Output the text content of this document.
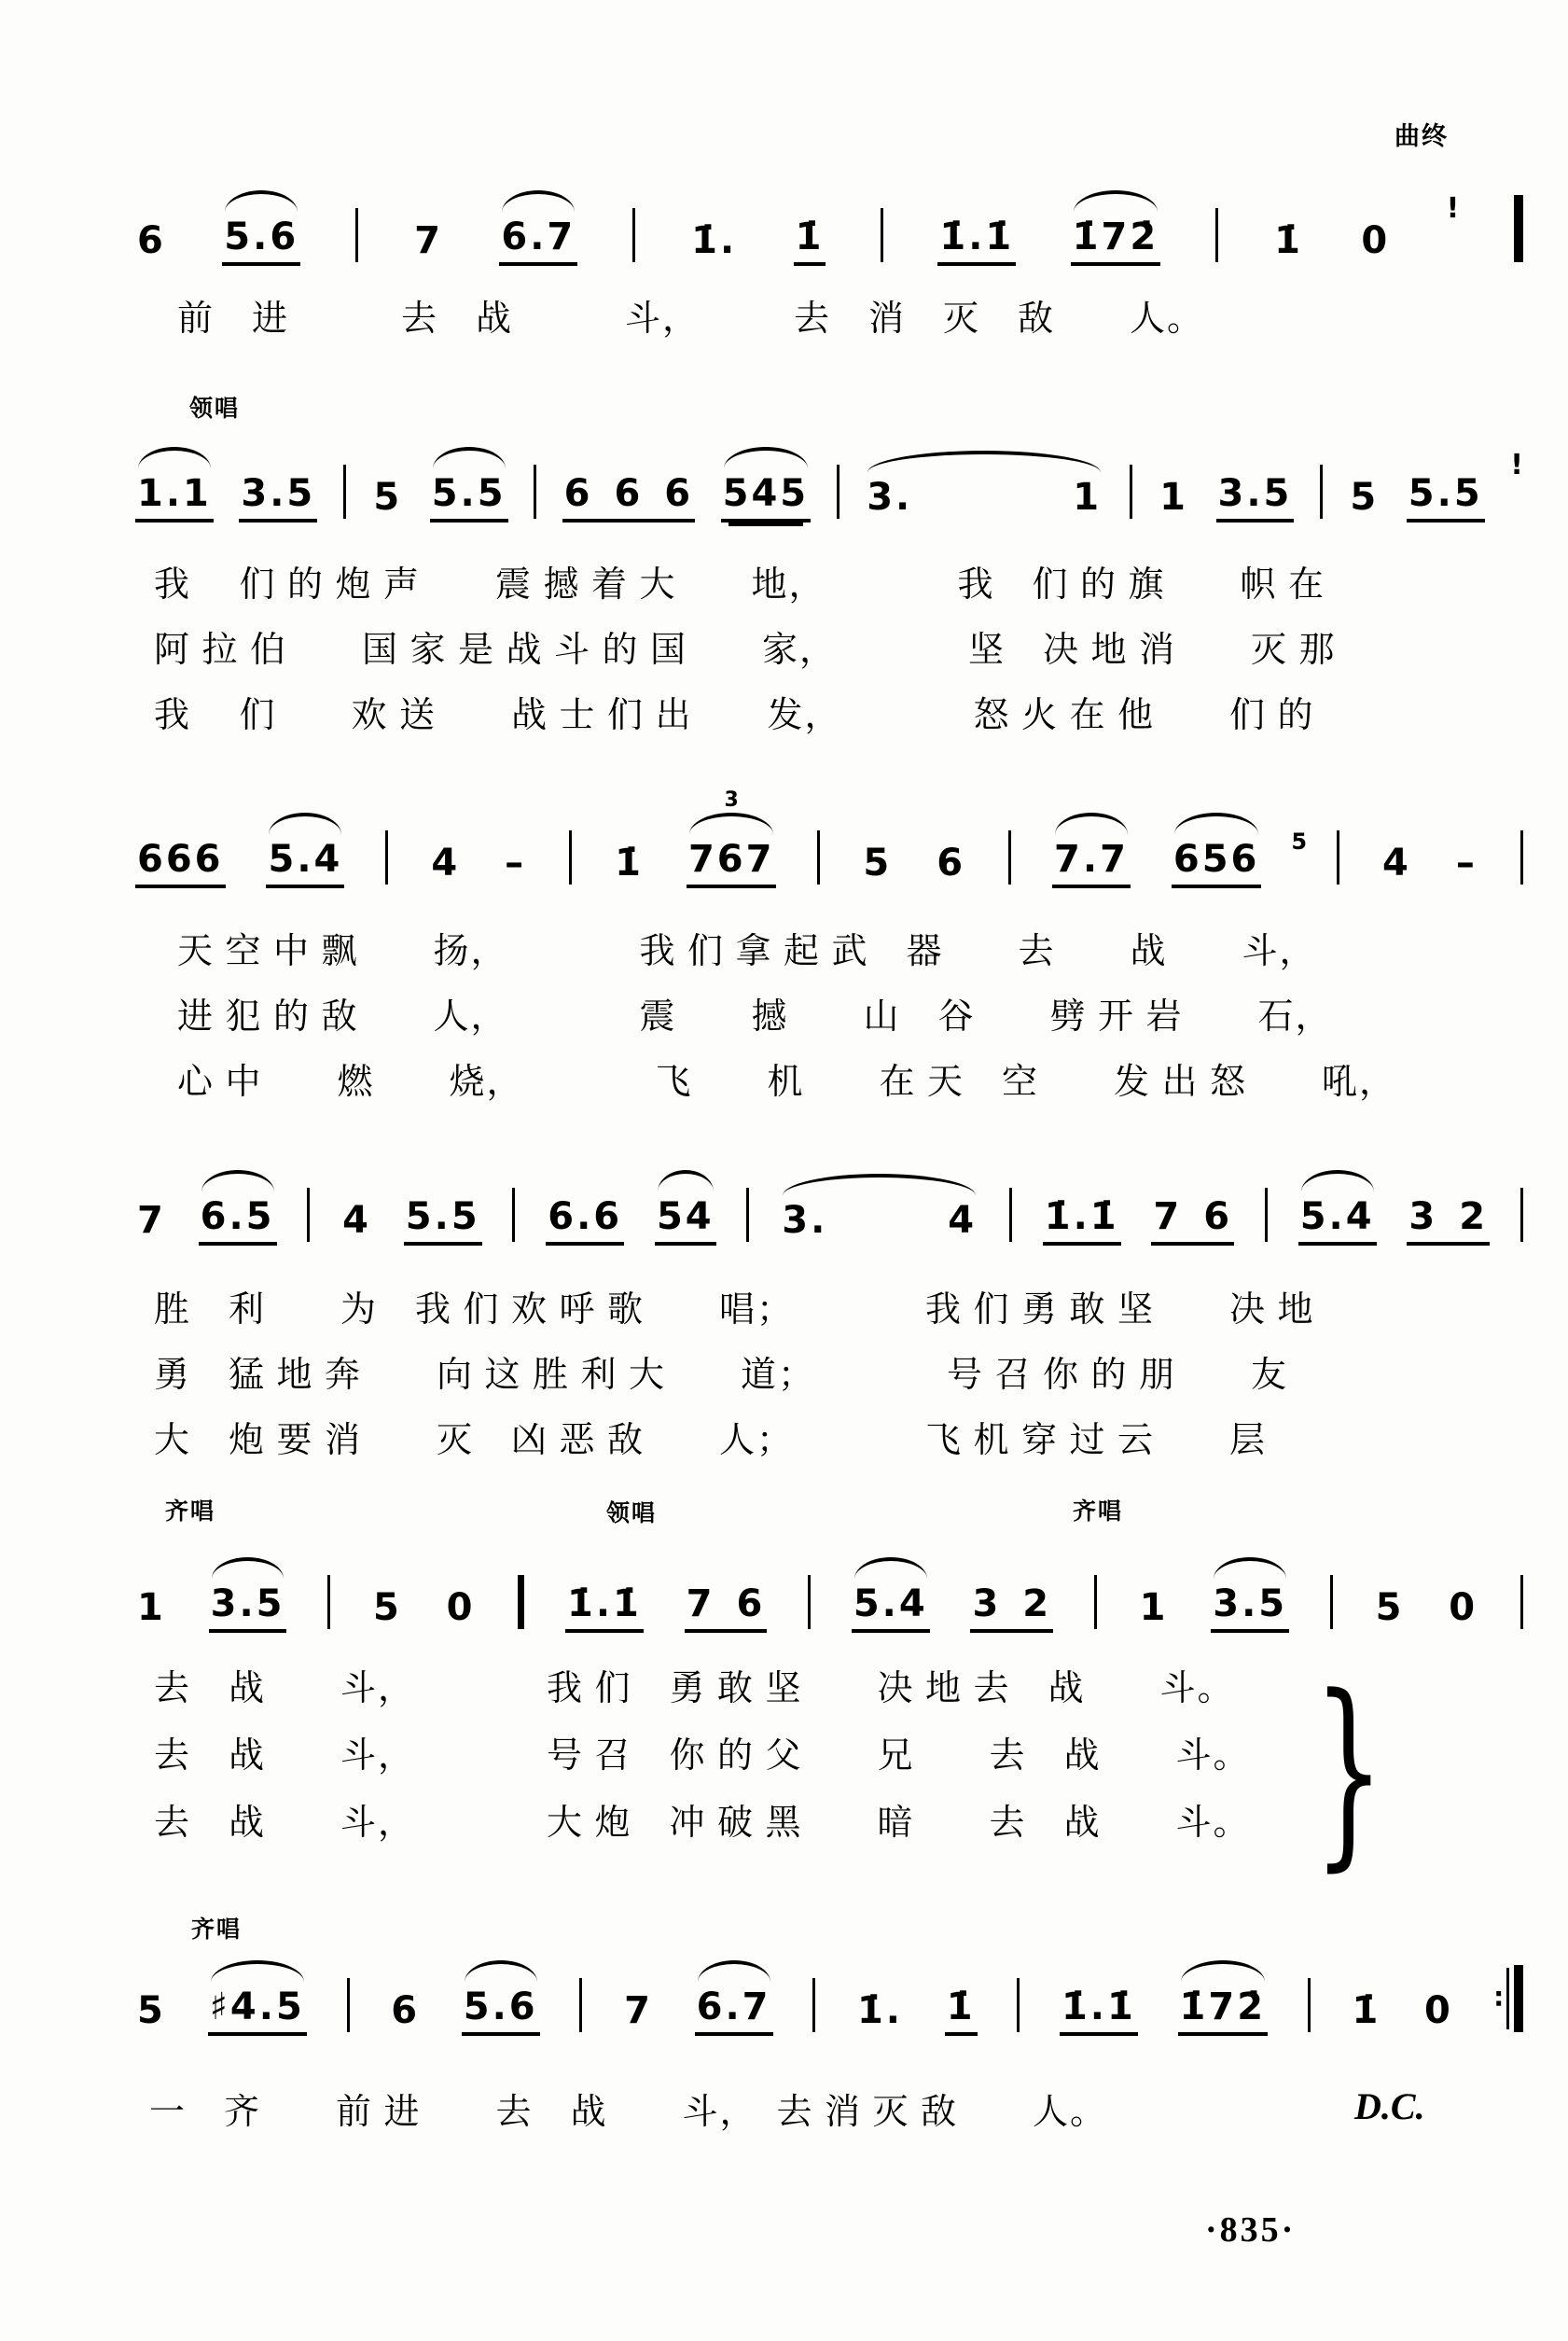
曲终
6 5.6	7 6.7	1̇. 1̇	1̇.1̇ 1̇72̇	1̇ 0
!
前　进　　　去　战　　　斗，　　　去　消　灭　敌　　人。
领唱
1.1 3.5 5 5.5 6 6 6 545 3.    1 1 3.5 5 5.5
!
我　 们 的 炮 声　　震 撼 着 大　　地，　　　　我　们 的 旗　　帜 在
阿 拉 伯　　国 家 是 战 斗 的 国　　家，　　　　坚　决 地 消　　灭 那
我　 们　　欢 送　　战 士 们 出　　发，　　　　怒 火 在 他　　们 的
666 5.4 4 – 1̇ 767
3
5 6 7.7 656 5 4 –
天 空 中 飘　　扬，　　　　我 们 拿 起 武　器　　去　　战　　斗，
进 犯 的 敌　　人，　　　　震　　撼　　山　谷　　劈 开 岩　　石，
心 中　　燃　　烧，　　　　飞　　机　　在 天　空　　发 出 怒　　吼，
7 6.5 4 5.5 6.6 54 3.   4 1̇.1̇ 7 6 5.4 3 2
胜　利　　为　我 们 欢 呼 歌　　唱；　　　　我 们 勇 敢 坚　　决 地
勇　猛 地 奔　　向 这 胜 利 大　　道；　　　　号 召 你 的 朋　　友
大　炮 要 消　　灭　凶 恶 敌　　人；　　　　飞 机 穿 过 云　　层
齐唱	领唱	齐唱
1 3.5 5 0 1̇.1̇ 7 6 5.4 3 2 1 3.5 5 0
去　战　　斗，　　　　我 们　勇 敢 坚　　决 地 去　战　　斗。
去　战　　斗，　　　　号 召　你 的 父　　兄　　去　战　　斗。
去　战　　斗，　　　　大 炮　冲 破 黑　　暗　　去　战　　斗。 }
齐唱
5 ♯4.5 6 5.6 7 6.7 1̇. 1̇ 1̇.1̇ 1̇72̇ 1̇ 0 ∶
一　齐　　前 进　　去　战　　斗，　去 消 灭 敌　　人。	D.C.
·835·
